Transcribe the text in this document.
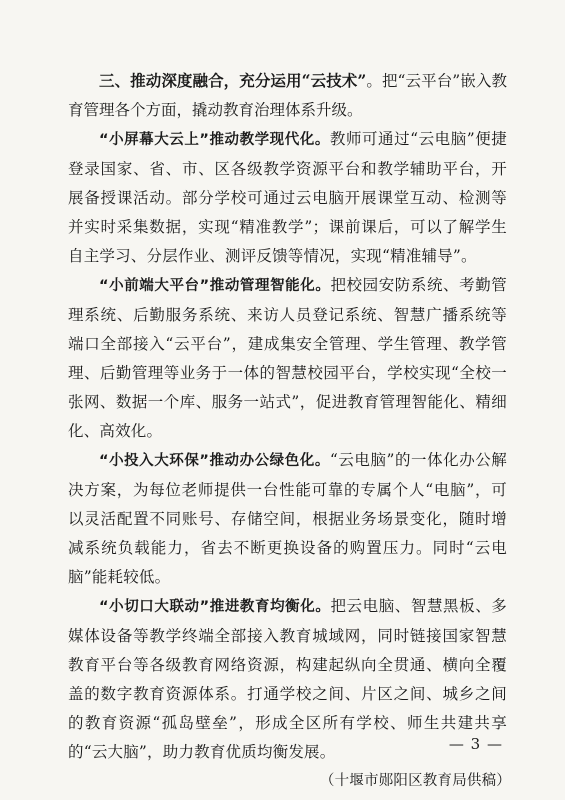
三、推动深度融合，充分运用“云技术”。把“云平台”嵌入教育管理各个方面，撬动教育治理体系升级。

“小屏幕大云上”推动教学现代化。教师可通过“云电脑”便捷登录国家、省、市、区各级教学资源平台和教学辅助平台，开展备授课活动。部分学校可通过云电脑开展课堂互动、检测等并实时采集数据，实现“精准教学”；课前课后，可以了解学生自主学习、分层作业、测评反馈等情况，实现“精准辅导”。

“小前端大平台”推动管理智能化。把校园安防系统、考勤管理系统、后勤服务系统、来访人员登记系统、智慧广播系统等端口全部接入“云平台”，建成集安全管理、学生管理、教学管理、后勤管理等业务于一体的智慧校园平台，学校实现“全校一张网、数据一个库、服务一站式”，促进教育管理智能化、精细化、高效化。

“小投入大环保”推动办公绿色化。“云电脑”的一体化办公解决方案，为每位老师提供一台性能可靠的专属个人“电脑”，可以灵活配置不同账号、存储空间，根据业务场景变化，随时增减系统负载能力，省去不断更换设备的购置压力。同时“云电脑”能耗较低。

“小切口大联动”推进教育均衡化。把云电脑、智慧黑板、多媒体设备等教学终端全部接入教育城域网，同时链接国家智慧教育平台等各级教育网络资源，构建起纵向全贯通、横向全覆盖的数字教育资源体系。打通学校之间、片区之间、城乡之间的教育资源“孤岛壁垒”，形成全区所有学校、师生共建共享的“云大脑”，助力教育优质均衡发展。
（十堰市郧阳区教育局供稿）

— 3 —
